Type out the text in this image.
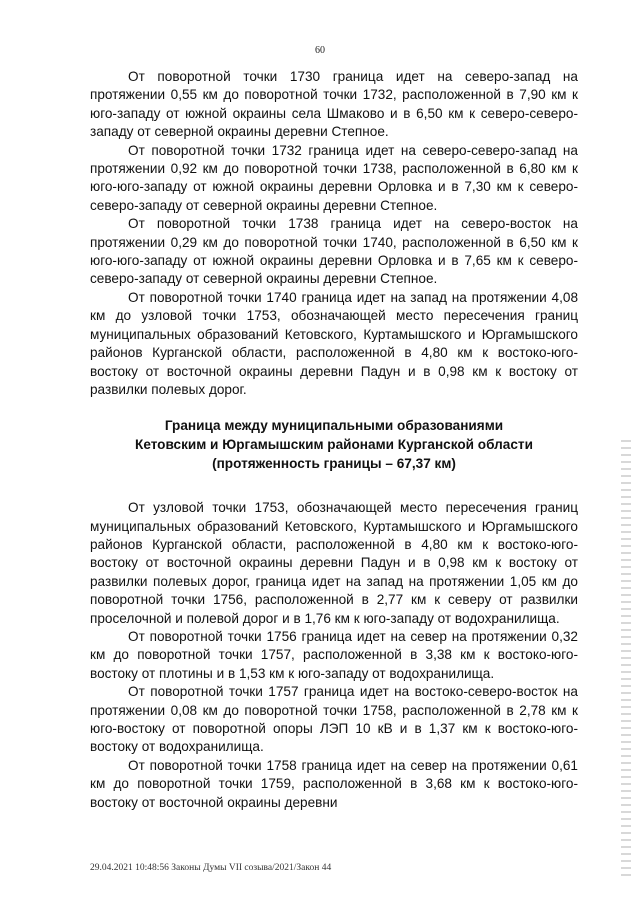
60

От поворотной точки 1730 граница идет на северо-запад на протяжении 0,55 км до поворотной точки 1732, расположенной в 7,90 км к юго-западу от южной окраины села Шмаково и в 6,50 км к северо-северо-западу от северной окраины деревни Степное.

От поворотной точки 1732 граница идет на северо-северо-запад на протяжении 0,92 км до поворотной точки 1738, расположенной в 6,80 км к юго-юго-западу от южной окраины деревни Орловка и в 7,30 км к северо-северо-западу от северной окраины деревни Степное.

От поворотной точки 1738 граница идет на северо-восток на протяжении 0,29 км до поворотной точки 1740, расположенной в 6,50 км к юго-юго-западу от южной окраины деревни Орловка и в 7,65 км к северо-северо-западу от северной окраины деревни Степное.

От поворотной точки 1740 граница идет на запад на протяжении 4,08 км до узловой точки 1753, обозначающей место пересечения границ муниципальных образований Кетовского, Куртамышского и Юргамышского районов Курганской области, расположенной в 4,80 км к востоко-юго-востоку от восточной окраины деревни Падун и в 0,98 км к востоку от развилки полевых дорог.

Граница между муниципальными образованиями
Кетовским и Юргамышским районами Курганской области
(протяженность границы – 67,37 км)

От узловой точки 1753, обозначающей место пересечения границ муниципальных образований Кетовского, Куртамышского и Юргамышского районов Курганской области, расположенной в 4,80 км к востоко-юго-востоку от восточной окраины деревни Падун и в 0,98 км к востоку от развилки полевых дорог, граница идет на запад на протяжении 1,05 км до поворотной точки 1756, расположенной в 2,77 км к северу от развилки проселочной и полевой дорог и в 1,76 км к юго-западу от водохранилища.

От поворотной точки 1756 граница идет на север на протяжении 0,32 км до поворотной точки 1757, расположенной в 3,38 км к востоко-юго-востоку от плотины и в 1,53 км к юго-западу от водохранилища.

От поворотной точки 1757 граница идет на востоко-северо-восток на протяжении 0,08 км до поворотной точки 1758, расположенной в 2,78 км к юго-востоку от поворотной опоры ЛЭП 10 кВ и в 1,37 км к востоко-юго-востоку от водохранилища.

От поворотной точки 1758 граница идет на север на протяжении 0,61 км до поворотной точки 1759, расположенной в 3,68 км к востоко-юго-востоку от восточной окраины деревни

29.04.2021 10:48:56 Законы Думы VII созыва/2021/Закон 44
